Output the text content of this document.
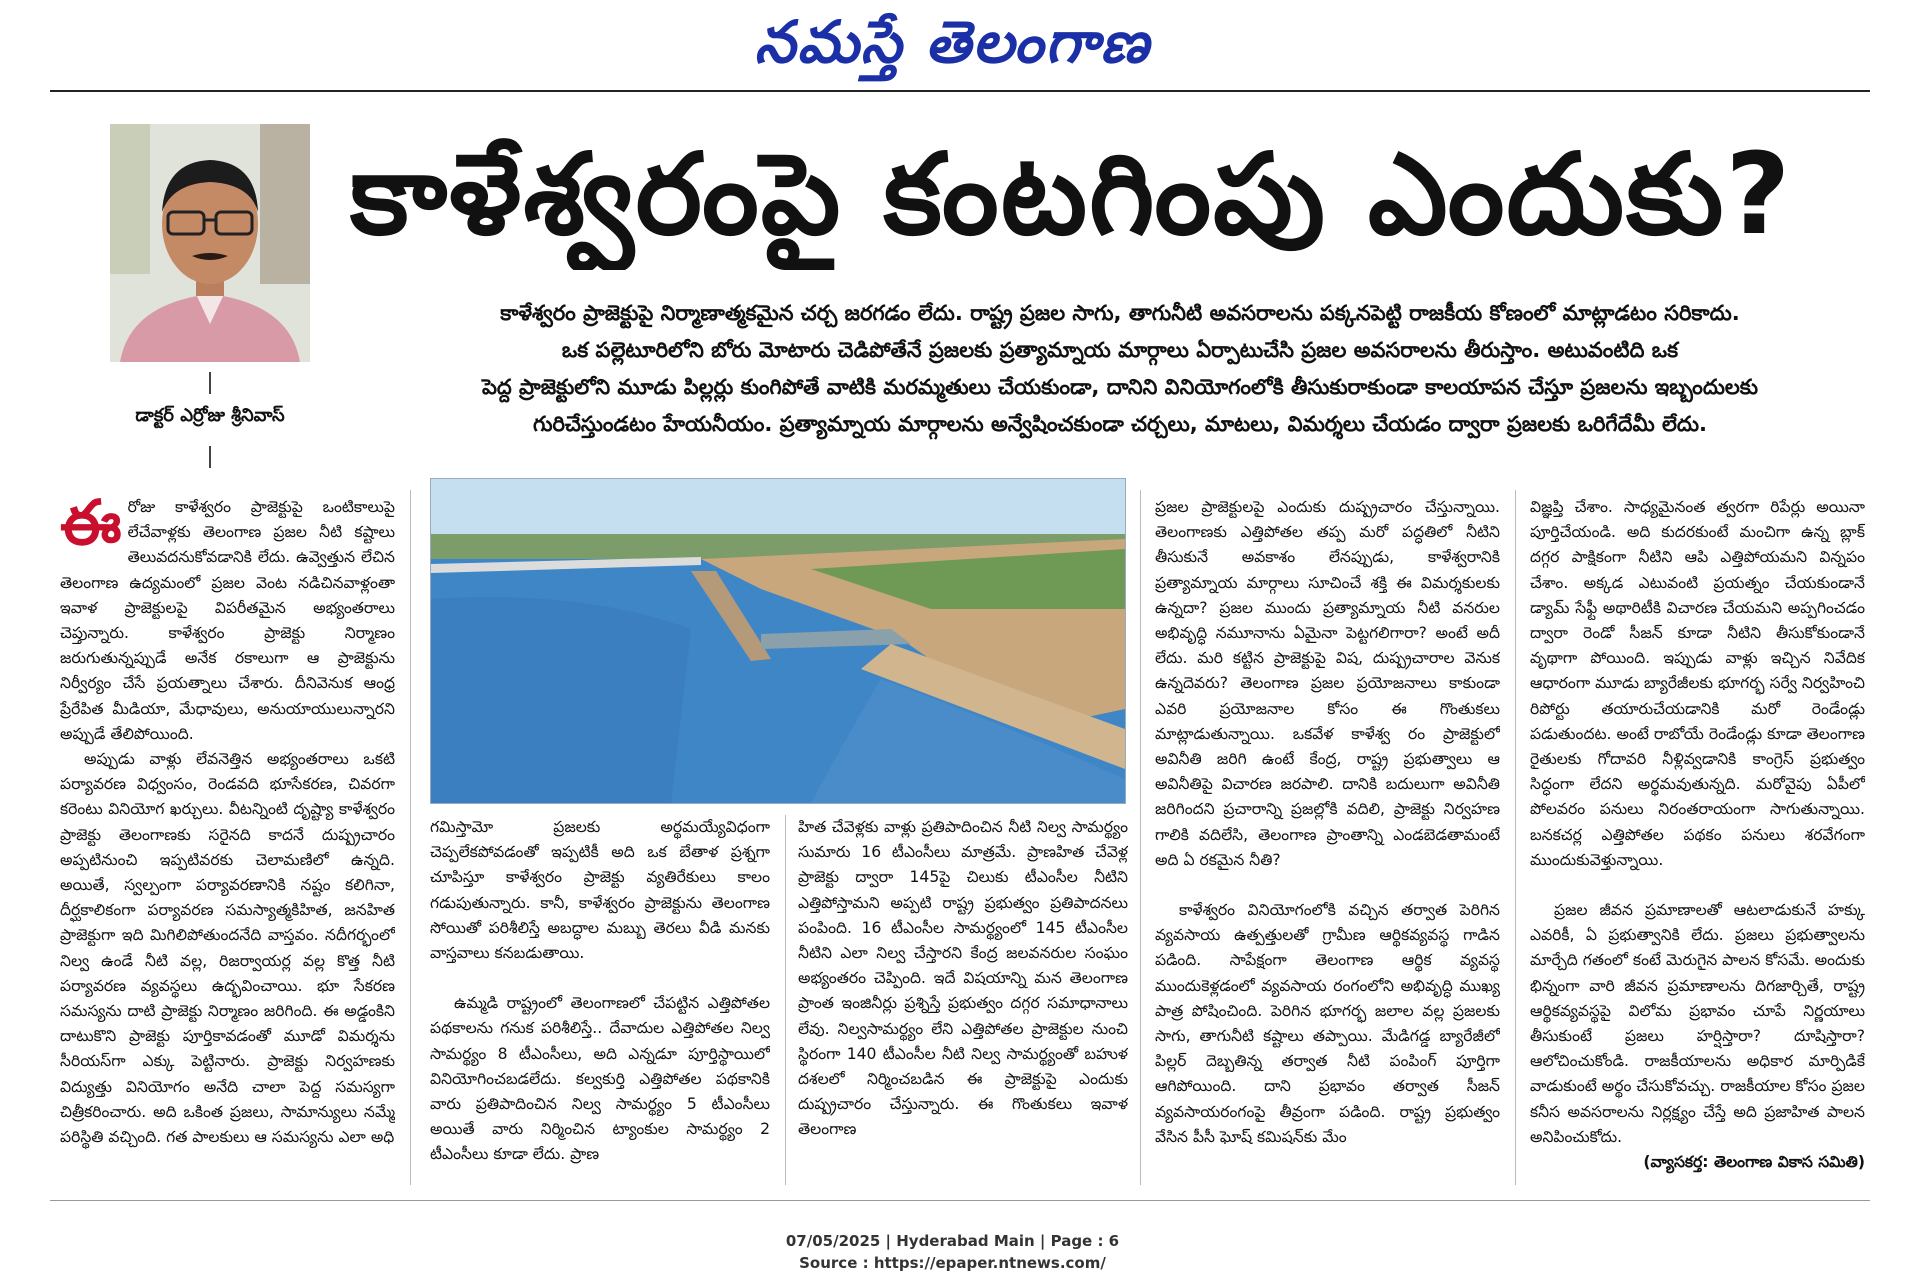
నమస్తే తెలంగాణ
డాక్టర్ ఎర్రోజు శ్రీనివాస్
కాళేశ్వరంపై కంటగింపు ఎందుకు?

కాళేశ్వరం ప్రాజెక్టుపై నిర్మాణాత్మకమైన చర్చ జరగడం లేదు. రాష్ట్ర ప్రజల సాగు, తాగునీటి అవసరాలను పక్కనపెట్టి రాజకీయ కోణంలో మాట్లాడటం సరికాదు.

ఒక పల్లెటూరిలోని బోరు మోటారు చెడిపోతేనే ప్రజలకు ప్రత్యామ్నాయ మార్గాలు ఏర్పాటుచేసి ప్రజల అవసరాలను తీరుస్తాం. అటువంటిది ఒక

పెద్ద ప్రాజెక్టులోని మూడు పిల్లర్లు కుంగిపోతే వాటికి మరమ్మతులు చేయకుండా, దానిని వినియోగంలోకి తీసుకురాకుండా కాలయాపన చేస్తూ ప్రజలను ఇబ్బందులకు

గురిచేస్తుండటం హేయనీయం. ప్రత్యామ్నాయ మార్గాలను అన్వేషించకుండా చర్చలు, మాటలు, విమర్శలు చేయడం ద్వారా ప్రజలకు ఒరిగేదేమీ లేదు.

ఈ రోజు కాళేశ్వరం ప్రాజెక్టుపై ఒంటికాలుపై లేచేవాళ్లకు తెలంగాణ ప్రజల నీటి కష్టాలు తెలువదనుకోవడానికి లేదు. ఉవ్వెత్తున లేచిన తెలంగాణ ఉద్యమంలో ప్రజల వెంట నడిచినవాళ్లంతా ఇవాళ ప్రాజెక్టులపై విపరీతమైన అభ్యంతరాలు చెప్తున్నారు. కాళేశ్వరం ప్రాజెక్టు నిర్మాణం జరుగుతున్నప్పుడే అనేక రకాలుగా ఆ ప్రాజెక్టును నిర్వీర్యం చేసే ప్రయత్నాలు చేశారు. దీనివెనుక ఆంధ్ర ప్రేరేపిత మీడియా, మేధావులు, అనుయాయులున్నారని అప్పుడే తేలిపోయింది.

అప్పుడు వాళ్లు లేవనెత్తిన అభ్యంతరాలు ఒకటి పర్యావరణ విధ్వంసం, రెండవది భూసేకరణ, చివరగా కరెంటు వినియోగ ఖర్చులు. వీటన్నింటి దృష్ట్యా కాళేశ్వరం ప్రాజెక్టు తెలంగాణకు సరైనది కాదనే దుష్ప్రచారం అప్పటినుంచి ఇప్పటివరకు చెలామణిలో ఉన్నది. అయితే, స్వల్పంగా పర్యావరణానికి నష్టం కలిగినా, దీర్ఘకాలికంగా పర్యావరణ సమస్యాత్మకిహిత, జనహిత ప్రాజెక్టుగా ఇది మిగిలిపోతుందనేది వాస్తవం. నదీగర్భంలో నిల్వ ఉండే నీటి వల్ల, రిజర్వాయర్ల వల్ల కొత్త నీటి పర్యావరణ వ్యవస్థలు ఉద్భవించాయి. భూ సేకరణ సమస్యను దాటి ప్రాజెక్టు నిర్మాణం జరిగింది. ఈ అడ్డంకిని దాటుకొని ప్రాజెక్టు పూర్తికావడంతో మూడో విమర్శను సీరియస్‌గా ఎక్కు పెట్టినారు. ప్రాజెక్టు నిర్వహణకు విద్యుత్తు వినియోగం అనేది చాలా పెద్ద సమస్యగా చిత్రీకరించారు. అది ఒకింత ప్రజలు, సామాన్యులు నమ్మే పరిస్థితి వచ్చింది. గత పాలకులు ఆ సమస్యను ఎలా అధి

గమిస్తామో ప్రజలకు అర్థమయ్యేవిధంగా చెప్పలేకపోవడంతో ఇప్పటికీ అది ఒక బేతాళ ప్రశ్నగా చూపిస్తూ కాళేశ్వరం ప్రాజెక్టు వ్యతిరేకులు కాలం గడుపుతున్నారు. కానీ, కాళేశ్వరం ప్రాజెక్టును తెలంగాణ సోయితో పరిశీలిస్తే అబద్ధాల మబ్బు తెరలు వీడి మనకు వాస్తవాలు కనబడుతాయి.

ఉమ్మడి రాష్ట్రంలో తెలంగాణలో చేపట్టిన ఎత్తిపోతల పథకాలను గనుక పరిశీలిస్తే.. దేవాదుల ఎత్తిపోతల నిల్వ సామర్థ్యం 8 టీఎంసీలు, అది ఎన్నడూ పూర్తిస్థాయిలో వినియోగించబడలేదు. కల్వకుర్తి ఎత్తిపోతల పథకానికి వారు ప్రతిపాదించిన నిల్వ సామర్థ్యం 5 టీఎంసీలు అయితే వారు నిర్మించిన ట్యాంకుల సామర్థ్యం 2 టీఎంసీలు కూడా లేదు. ప్రాణ

హిత చేవెళ్లకు వాళ్లు ప్రతిపాదించిన నీటి నిల్వ సామర్థ్యం సుమారు 16 టీఎంసీలు మాత్రమే. ప్రాణహిత చేవెళ్ల ప్రాజెక్టు ద్వారా 145పై చిలుకు టీఎంసీల నీటిని ఎత్తిపోస్తామని అప్పటి రాష్ట్ర ప్రభుత్వం ప్రతిపాదనలు పంపింది. 16 టీఎంసీల సామర్థ్యంలో 145 టీఎంసీల నీటిని ఎలా నిల్వ చేస్తారని కేంద్ర జలవనరుల సంఘం అభ్యంతరం చెప్పింది. ఇదే విషయాన్ని మన తెలంగాణ ప్రాంత ఇంజినీర్లు ప్రశ్నిస్తే ప్రభుత్వం దగ్గర సమాధానాలు లేవు. నిల్వసామర్థ్యం లేని ఎత్తిపోతల ప్రాజెక్టుల నుంచి స్థిరంగా 140 టీఎంసీల నీటి నిల్వ సామర్థ్యంతో బహుళ దశలలో నిర్మించబడిన ఈ ప్రాజెక్టుపై ఎందుకు దుష్ప్రచారం చేస్తున్నారు. ఈ గొంతుకలు ఇవాళ తెలంగాణ

ప్రజల ప్రాజెక్టులపై ఎందుకు దుష్ప్రచారం చేస్తున్నాయి. తెలంగాణకు ఎత్తిపోతల తప్ప మరో పద్ధతిలో నీటిని తీసుకునే అవకాశం లేనప్పుడు, కాళేశ్వరానికి ప్రత్యామ్నాయ మార్గాలు సూచించే శక్తి ఈ విమర్శకులకు ఉన్నదా? ప్రజల ముందు ప్రత్యామ్నాయ నీటి వనరుల అభివృద్ధి నమూనాను ఏమైనా పెట్టగలిగారా? అంటే అదీ లేదు. మరి కట్టిన ప్రాజెక్టుపై విష, దుష్ప్రచారాల వెనుక ఉన్నదెవరు? తెలంగాణ ప్రజల ప్రయోజనాలు కాకుండా ఎవరి ప్రయోజనాల కోసం ఈ గొంతుకలు మాట్లాడుతున్నాయి. ఒకవేళ కాళేశ్వ రం ప్రాజెక్టులో అవినీతి జరిగి ఉంటే కేంద్ర, రాష్ట్ర ప్రభుత్వాలు ఆ అవినీతిపై విచారణ జరపాలి. దానికి బదులుగా అవినీతి జరిగిందని ప్రచారాన్ని ప్రజల్లోకి వదిలి, ప్రాజెక్టు నిర్వహణ గాలికి వదిలేసి, తెలంగాణ ప్రాంతాన్ని ఎండబెడతామంటే అది ఏ రకమైన నీతి?

కాళేశ్వరం వినియోగంలోకి వచ్చిన తర్వాత పెరిగిన వ్యవసాయ ఉత్పత్తులతో గ్రామీణ ఆర్థికవ్యవస్థ గాడిన పడింది. సాపేక్షంగా తెలంగాణ ఆర్థిక వ్యవస్థ ముందుకెళ్లడంలో వ్యవసాయ రంగంలోని అభివృద్ధి ముఖ్య పాత్ర పోషించింది. పెరిగిన భూగర్భ జలాల వల్ల ప్రజలకు సాగు, తాగునీటి కష్టాలు తప్పాయి. మేడిగడ్డ బ్యారేజీలో పిల్లర్ దెబ్బతిన్న తర్వాత నీటి పంపింగ్ పూర్తిగా ఆగిపోయింది. దాని ప్రభావం తర్వాత సీజన్ వ్యవసాయరంగంపై తీవ్రంగా పడింది. రాష్ట్ర ప్రభుత్వం వేసిన పీసీ ఘోష్ కమిషన్‌కు మేం

విజ్ఞప్తి చేశాం. సాధ్యమైనంత త్వరగా రిపేర్లు అయినా పూర్తిచేయండి. అది కుదరకుంటే మంచిగా ఉన్న బ్లాక్ దగ్గర పాక్షికంగా నీటిని ఆపి ఎత్తిపోయమని విన్నపం చేశాం. అక్కడ ఎటువంటి ప్రయత్నం చేయకుండానే డ్యామ్ సేఫ్టీ అథారిటీకి విచారణ చేయమని అప్పగించడం ద్వారా రెండో సీజన్ కూడా నీటిని తీసుకోకుండానే వృథాగా పోయింది. ఇప్పుడు వాళ్లు ఇచ్చిన నివేదిక ఆధారంగా మూడు బ్యారేజీలకు భూగర్భ సర్వే నిర్వహించి రిపోర్టు తయారుచేయడానికి మరో రెండేండ్లు పడుతుందట. అంటే రాబోయే రెండేండ్లు కూడా తెలంగాణ రైతులకు గోదావరి నీళ్లివ్వడానికి కాంగ్రెస్ ప్రభుత్వం సిద్ధంగా లేదని అర్థమవుతున్నది. మరోవైపు ఏపీలో పోలవరం పనులు నిరంతరాయంగా సాగుతున్నాయి. బనకచర్ల ఎత్తిపోతల పథకం పనులు శరవేగంగా ముందుకువెళ్తున్నాయి.

ప్రజల జీవన ప్రమాణాలతో ఆటలాడుకునే హక్కు ఎవరికీ, ఏ ప్రభుత్వానికి లేదు. ప్రజలు ప్రభుత్వాలను మార్చేది గతంలో కంటే మెరుగైన పాలన కోసమే. అందుకు భిన్నంగా వారి జీవన ప్రమాణాలను దిగజార్చితే, రాష్ట్ర ఆర్థికవ్యవస్థపై విలోమ ప్రభావం చూపే నిర్ణయాలు తీసుకుంటే ప్రజలు హర్షిస్తారా? దూషిస్తారా? ఆలోచించుకోండి. రాజకీయాలను అధికార మార్పిడికే వాడుకుంటే అర్థం చేసుకోవచ్చు. రాజకీయాల కోసం ప్రజల కనీస అవసరాలను నిర్లక్ష్యం చేస్తే అది ప్రజాహిత పాలన అనిపించుకోదు.

(వ్యాసకర్త: తెలంగాణ వికాస సమితి)

07/05/2025 | Hyderabad Main | Page : 6
Source : https://epaper.ntnews.com/
